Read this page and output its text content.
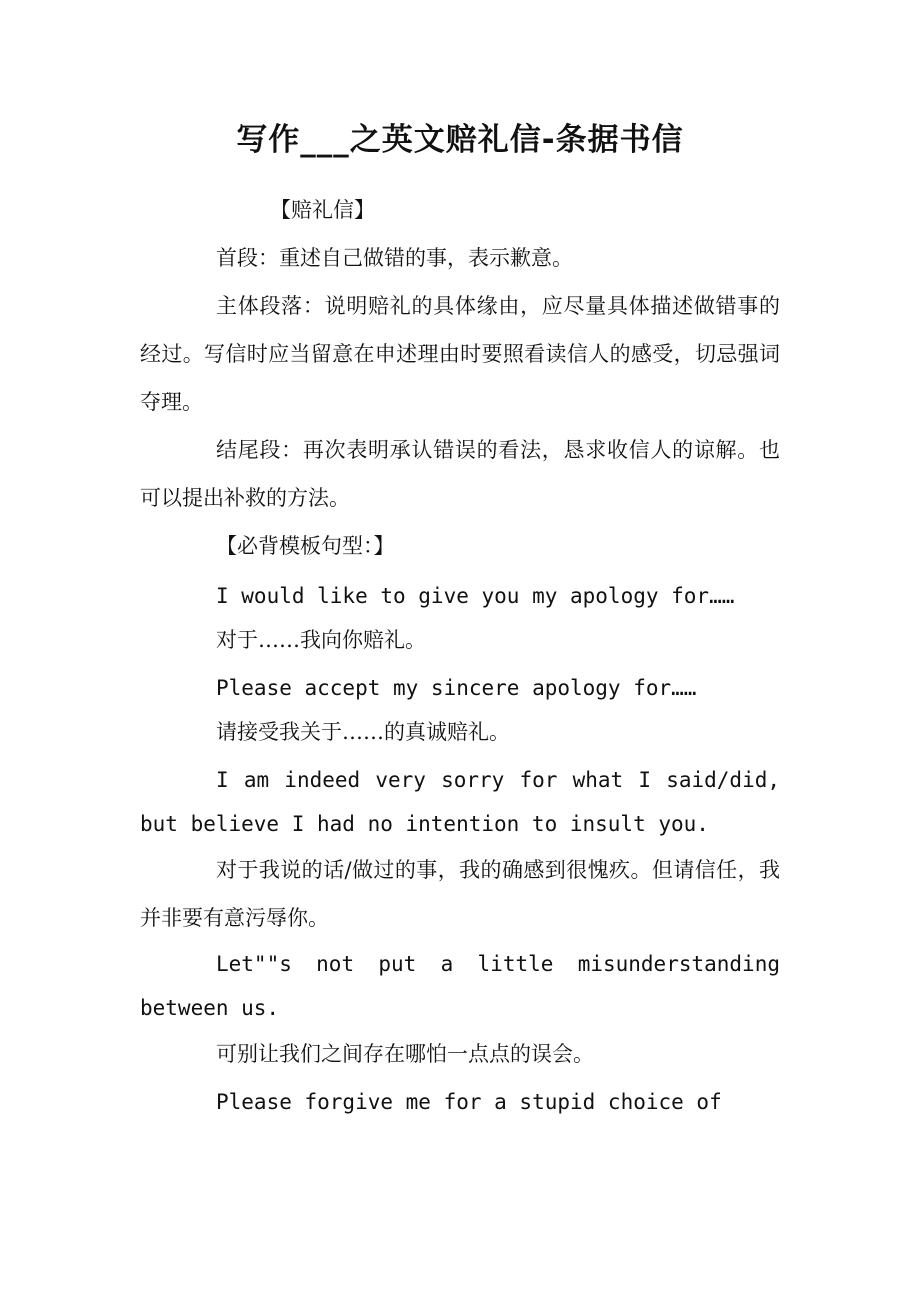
写作___之英文赔礼信-条据书信

【赔礼信】

首段：重述自己做错的事，表示歉意。

主体段落：说明赔礼的具体缘由，应尽量具体描述做错事的经过。写信时应当留意在申述理由时要照看读信人的感受，切忌强词夺理。

结尾段：再次表明承认错误的看法，恳求收信人的谅解。也可以提出补救的方法。

【必背模板句型：】

I would like to give you my apology for……

对于……我向你赔礼。

Please accept my sincere apology for……

请接受我关于……的真诚赔礼。

I am indeed very sorry for what I said/did, but believe I had no intention to insult you.

对于我说的话/做过的事，我的确感到很愧疚。但请信任，我并非要有意污辱你。

Let""s not put a little misunderstanding between us.

可别让我们之间存在哪怕一点点的误会。

Please forgive me for a stupid choice of
